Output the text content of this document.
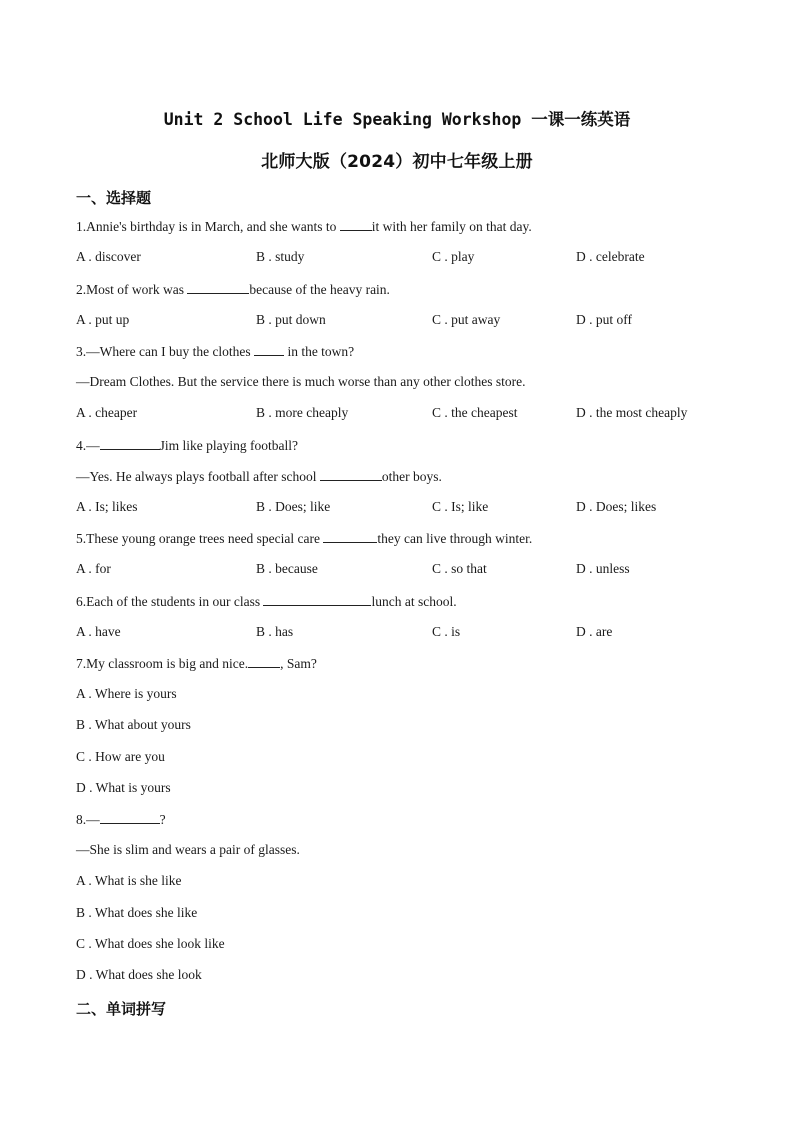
Unit 2 School Life Speaking Workshop 一课一练英语
北师大版（2024）初中七年级上册
一、选择题
1.Annie's birthday is in March, and she wants to it with her family on that day.
A . discover	B . study	C . play	D . celebrate
2.Most of work was	because of the heavy rain.
A . put up	B . put down	C . put away	D . put off
3.—Where can I buy the clothes  in the town?
—Dream Clothes. But the service there is much worse than any other clothes store.
A . cheaper	B . more cheaply	C . the cheapest	D . the most cheaply
4.—	Jim like playing football?
—Yes. He always plays football after school	other boys.
A . Is; likes	B . Does; like	C . Is; like	D . Does; likes
5.These young orange trees need special care	they can live through winter.
A . for	B . because	C . so that	D . unless
6.Each of the students in our class	lunch at school.
A . have	B . has	C . is	D . are
7.My classroom is big and nice. , Sam?
A . Where is yours
B . What about yours
C . How are you
D . What is yours
8.—	?
—She is slim and wears a pair of glasses.
A . What is she like
B . What does she like
C . What does she look like
D . What does she look
二、单词拼写
